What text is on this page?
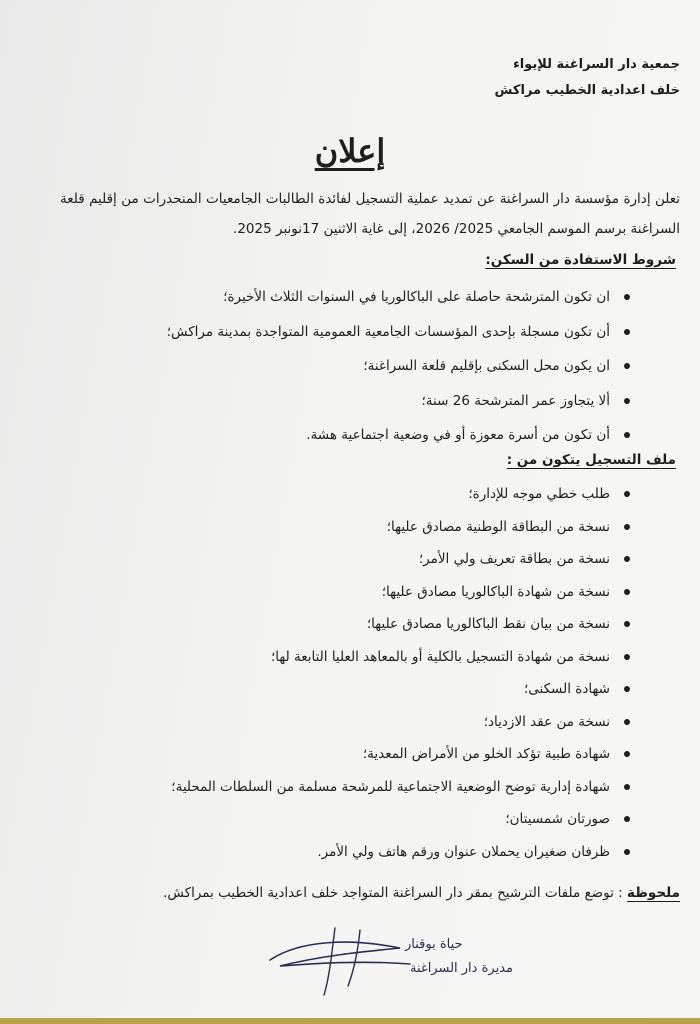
جمعية دار السراغنة للإيواء
خلف اعدادية الخطيب مراكش
إعلان
تعلن إدارة مؤسسة دار السراغنة عن تمديد عملية التسجيل لفائدة الطالبات الجامعيات المنحدرات من إقليم قلعة السراغنة برسم الموسم الجامعي 2025/ 2026، إلى غاية الاثنين 17نونبر 2025.
شروط الاستفادة من السكن:
ان تكون المترشحة حاصلة على الباكالوريا في السنوات الثلاث الأخيرة؛
أن تكون مسجلة بإحدى المؤسسات الجامعية العمومية المتواجدة بمدينة مراكش؛
ان يكون محل السكنى بإقليم قلعة السراغنة؛
ألا يتجاوز عمر المترشحة 26 سنة؛
أن تكون من أسرة معوزة أو في وضعية اجتماعية هشة.
ملف التسجيل يتكون من :
طلب خطي موجه للإدارة؛
نسخة من البطاقة الوطنية مصادق عليها؛
نسخة من بطاقة تعريف ولي الأمر؛
نسخة من شهادة الباكالوريا مصادق عليها؛
نسخة من بيان نقط الباكالوريا مصادق عليها؛
نسخة من شهادة التسجيل بالكلية أو بالمعاهد العليا التابعة لها؛
شهادة السكنى؛
نسخة من عقد الازدياد؛
شهادة طبية تؤكد الخلو من الأمراض المعدية؛
شهادة إدارية توضح الوضعية الاجتماعية للمرشحة مسلمة من السلطات المحلية؛
صورتان شمسيتان؛
ظرفان صغيران يحملان عنوان ورقم هاتف ولي الأمر.
ملحوظة : توضع ملفات الترشيح بمقر دار السراغنة المتواجد خلف اعدادية الخطيب بمراكش.
حياة بوقنار
مديرة دار السراغنة
